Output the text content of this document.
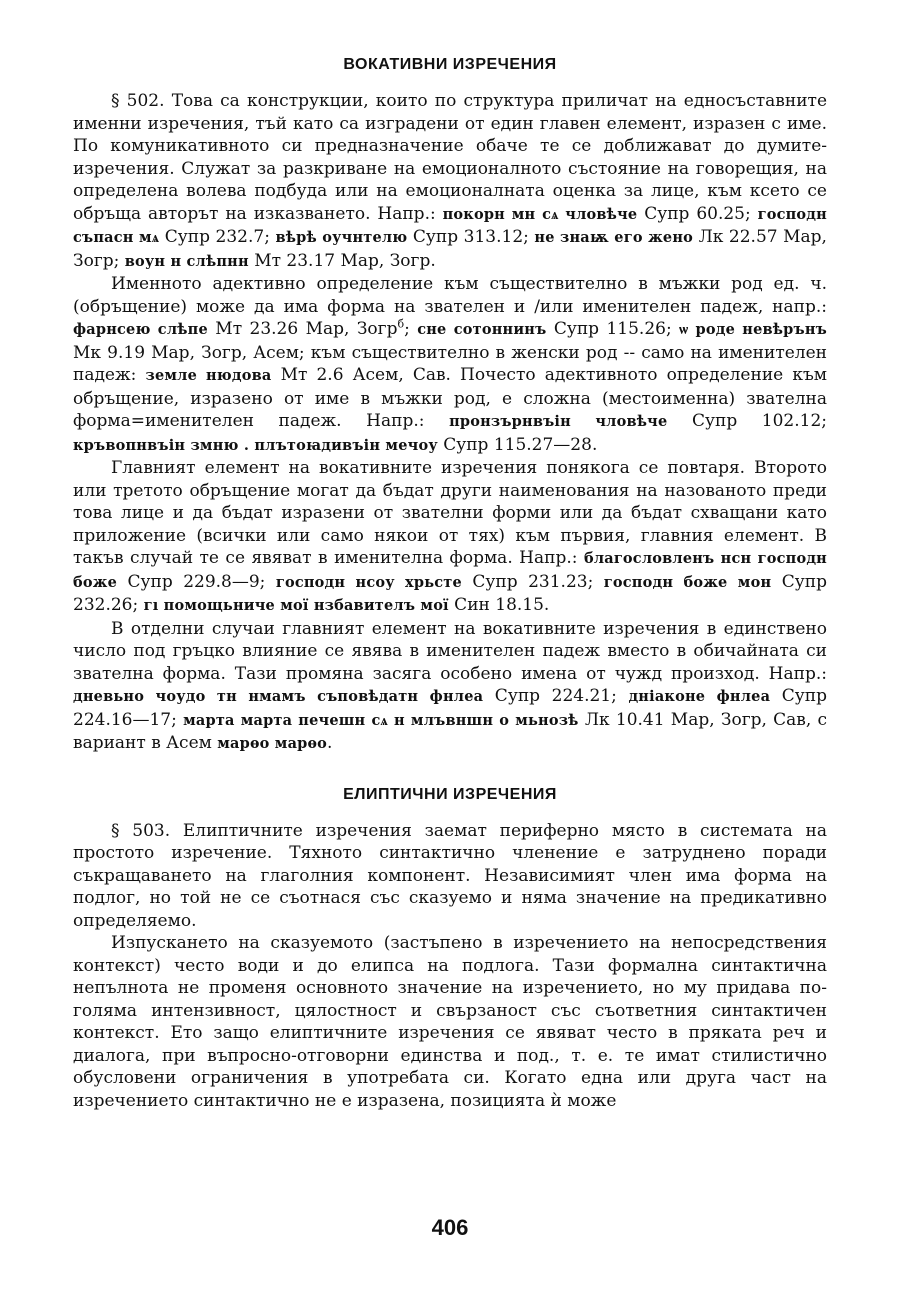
ВОКАТИВНИ ИЗРЕЧЕНИЯ

§ 502. Това са конструкции, които по структура приличат на едносъставните именни изречения, тъй като са изградени от един главен елемент, изразен с име. По комуникативното си предназначение обаче те се доближават до думите-изречения. Служат за разкриване на емоционалното състояние на говорещия, на определена волева подбуда или на емоционалната оценка за лице, към ксето се обръща авторът на изказването. Напр.: покорн мн сѧ чловѣче Супр 60.25; господн съпасн мѧ Супр 232.7; вѣрѣ оучнтелю Супр 313.12; не знаѭ его жено Лк 22.57 Мар, Зогр; воун н слѣпнн Мт 23.17 Мар, Зогр.

Именното адективно определение към съществително в мъжки род ед. ч. (обръщение) може да има форма на звателен и /или именителен падеж, напр.: фарнсею слѣпе Мт 23.26 Мар, Зогр$^б$; сне сотоннинъ Супр 115.26; ѡ роде невѣрънъ Мк 9.19 Мар, Зогр, Асем; към съществително в женски род -- само на именителен падеж: земле нюдова Мт 2.6 Асем, Сав. Почесто адективното определение към обръщение, изразено от име в мъжки род, е сложна (местоименна) звателна форма=именителен падеж. Напр.: пронзърнвъін чловѣче Супр 102.12; кръвопнвъін змню . плътоꙗдивъін мечоу Супр 115.27—28.

Главният елемент на вокативните изречения понякога се повтаря. Второто или третото обръщение могат да бъдат други наименования на назованото преди това лице и да бъдат изразени от звателни форми или да бъдат схващани като приложение (всички или само някои от тях) към първия, главния елемент. В такъв случай те се явяват в именителна форма. Напр.: благословленъ нсн господн боже Супр 229.8—9; господн нсоу хрьсте Супр 231.23; господн боже мон Супр 232.26; гı помощьниче мої нзбавителъ мої Син 18.15.

В отделни случаи главният елемент на вокативните изречения в единствено число под гръцко влияние се явява в именителен падеж вместо в обичайната си звателна форма. Тази промяна засяга особено имена от чужд произход. Напр.: дневьно чоудо тн нмамъ съповѣдатн фнлеа Супр 224.21; дніаконе фнлеа Супр 224.16—17; марта марта печешн сѧ н млъвншн о мьнозѣ Лк 10.41 Мар, Зогр, Сав, с вариант в Асем марѳо марѳо.

ЕЛИПТИЧНИ ИЗРЕЧЕНИЯ

§ 503. Елиптичните изречения заемат периферно място в системата на простото изречение. Тяхното синтактично членение е затруднено поради съкращаването на глаголния компонент. Независимият член има форма на подлог, но той не се съотнася със сказуемо и няма значение на предикативно определяемо.

Изпускането на сказуемото (застъпено в изречението на непосредствения контекст) често води и до елипса на подлога. Тази формална синтактична непълнота не променя основното значение на изречението, но му придава по-голяма интензивност, цялостност и свързаност със съответния синтактичен контекст. Ето защо елиптичните изречения се явяват често в пряката реч и диалога, при въпросно-отговорни единства и под., т. е. те имат стилистично обусловени ограничения в употребата си. Когато една или друга част на изречението синтактично не е изразена, позицията ѝ може

406
